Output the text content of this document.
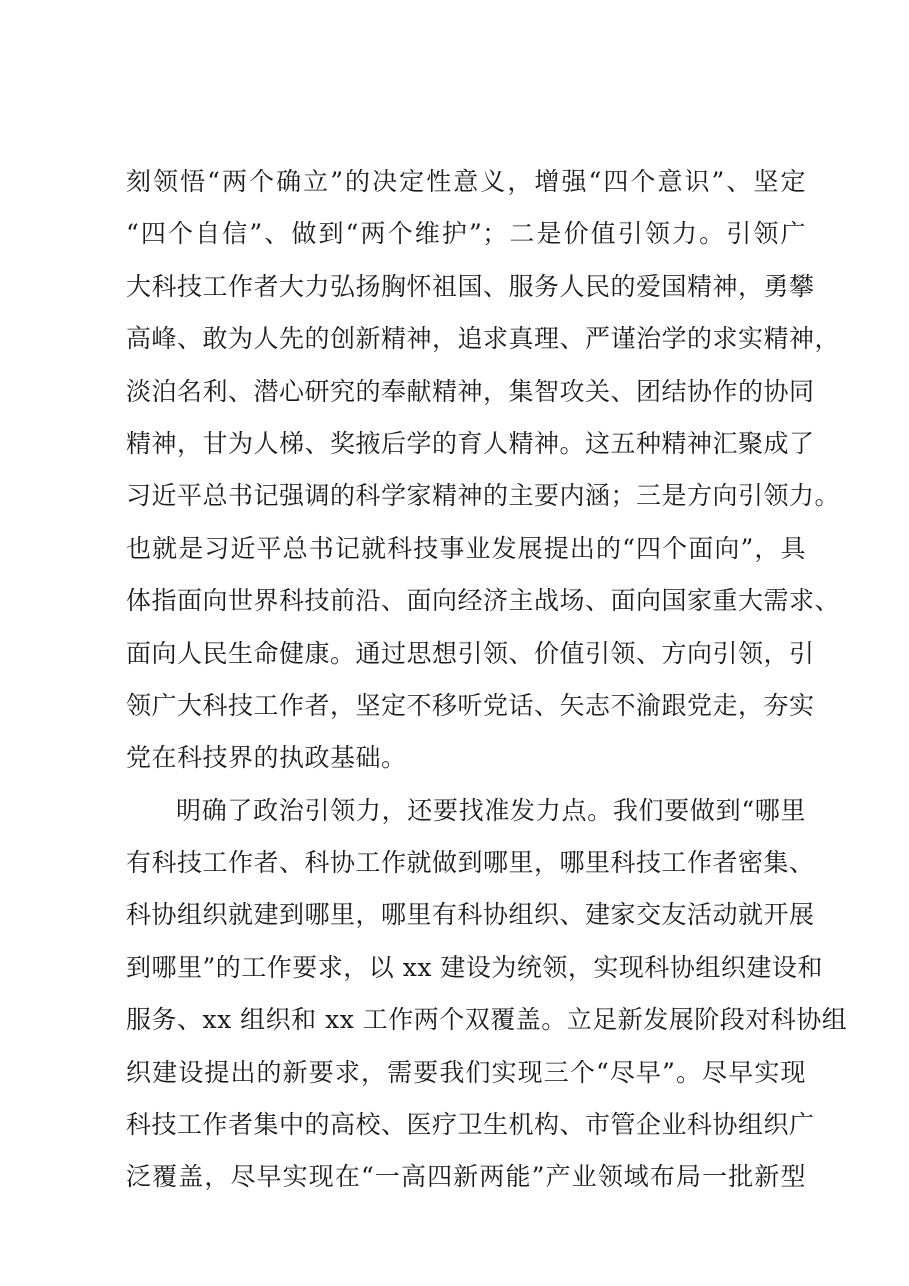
刻领悟“两个确立”的决定性意义，增强“四个意识”、坚定
“四个自信”、做到“两个维护”；二是价值引领力。引领广
大科技工作者大力弘扬胸怀祖国、服务人民的爱国精神，勇攀
高峰、敢为人先的创新精神，追求真理、严谨治学的求实精神，
淡泊名利、潜心研究的奉献精神，集智攻关、团结协作的协同
精神，甘为人梯、奖掖后学的育人精神。这五种精神汇聚成了
习近平总书记强调的科学家精神的主要内涵；三是方向引领力。
也就是习近平总书记就科技事业发展提出的“四个面向”，具
体指面向世界科技前沿、面向经济主战场、面向国家重大需求、
面向人民生命健康。通过思想引领、价值引领、方向引领，引
领广大科技工作者，坚定不移听党话、矢志不渝跟党走，夯实
党在科技界的执政基础。
明确了政治引领力，还要找准发力点。我们要做到“哪里
有科技工作者、科协工作就做到哪里，哪里科技工作者密集、
科协组织就建到哪里，哪里有科协组织、建家交友活动就开展
到哪里”的工作要求，以 xx 建设为统领，实现科协组织建设和
服务、xx 组织和 xx 工作两个双覆盖。立足新发展阶段对科协组
织建设提出的新要求，需要我们实现三个“尽早”。尽早实现
科技工作者集中的高校、医疗卫生机构、市管企业科协组织广
泛覆盖，尽早实现在“一高四新两能”产业领域布局一批新型
